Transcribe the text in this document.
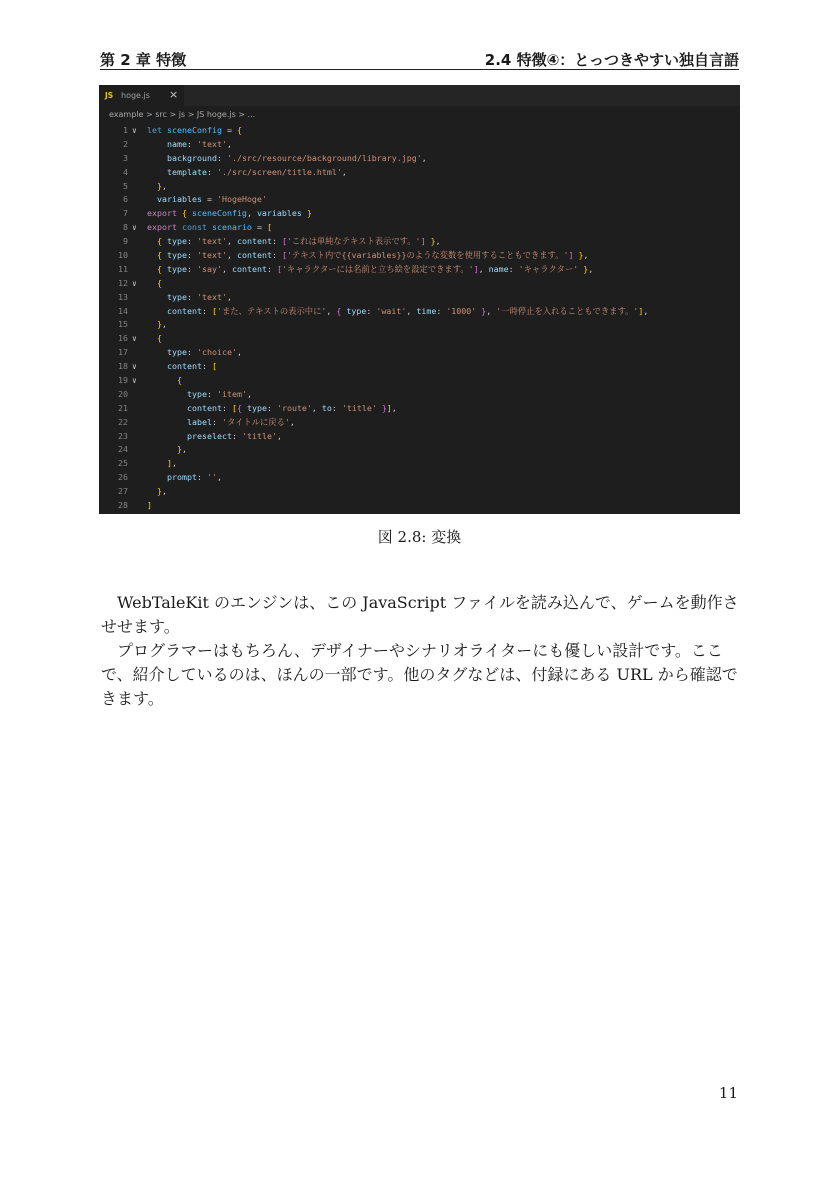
第 2 章 特徴	2.4 特徴④：とっつきやすい独自言語
JS hoge.js ×
example > src > js > JS hoge.js > ...
1 ∨ let sceneConfig = {
2	name: 'text',
3	background: './src/resource/background/library.jpg',
4	template: './src/screen/title.html',
5	},
6	variables = 'HogeHoge'
7 export { sceneConfig, variables }
8 ∨ export const scenario = [
9	{ type: 'text', content: ['これは単純なテキスト表示です。'] },
10	{ type: 'text', content: ['テキスト内で{{variables}}のような変数を使用することもできます。'] },
11	{ type: 'say', content: ['キャラクターには名前と立ち絵を設定できます。'], name: 'キャラクター' },
12 ∨	{
13	type: 'text',
14	content: ['また、テキストの表示中に', { type: 'wait', time: '1000' }, '一時停止を入れることもできます。'],
15	},
16 ∨	{
17	type: 'choice',
18 ∨	content: [
19 ∨	{
20	type: 'item',
21	content: [{ type: 'route', to: 'title' }],
22	label: 'タイトルに戻る',
23	preselect: 'title',
24	},
25	],
26	prompt: '',
27	},
28 ]
図 2.8: 変換

WebTaleKit のエンジンは、この JavaScript ファイルを読み込んで、ゲームを動作させせます。

プログラマーはもちろん、デザイナーやシナリオライターにも優しい設計です。ここで、紹介しているのは、ほんの一部です。他のタグなどは、付録にある URL から確認できます。

11
